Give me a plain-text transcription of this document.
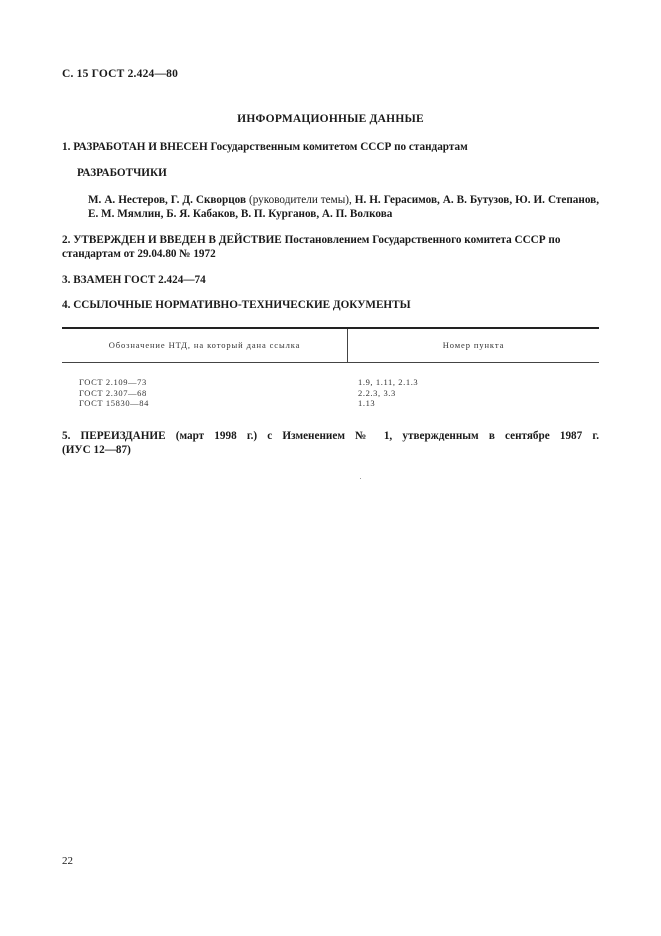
С. 15 ГОСТ 2.424—80
ИНФОРМАЦИОННЫЕ ДАННЫЕ
1. РАЗРАБОТАН И ВНЕСЕН Государственным комитетом СССР по стандартам
РАЗРАБОТЧИКИ
М. А. Нестеров, Г. Д. Скворцов (руководители темы), Н. Н. Герасимов, А. В. Бутузов, Ю. И. Степанов, Е. М. Мямлин, Б. Я. Кабаков, В. П. Курганов, А. П. Волкова
2. УТВЕРЖДЕН И ВВЕДЕН В ДЕЙСТВИЕ Постановлением Государственного комитета СССР по стандартам от 29.04.80 № 1972
3. ВЗАМЕН ГОСТ 2.424—74
4. ССЫЛОЧНЫЕ НОРМАТИВНО-ТЕХНИЧЕСКИЕ ДОКУМЕНТЫ
Обозначение НТД, на который дана ссылка	Номер пункта
ГОСТ 2.109—73
ГОСТ 2.307—68
ГОСТ 15830—84
1.9, 1.11, 2.1.3
2.2.3, 3.3
1.13
5. ПЕРЕИЗДАНИЕ (март 1998 г.) с Изменением № 1, утвержденным в сентябре 1987 г.
(ИУС 12—87)
22
